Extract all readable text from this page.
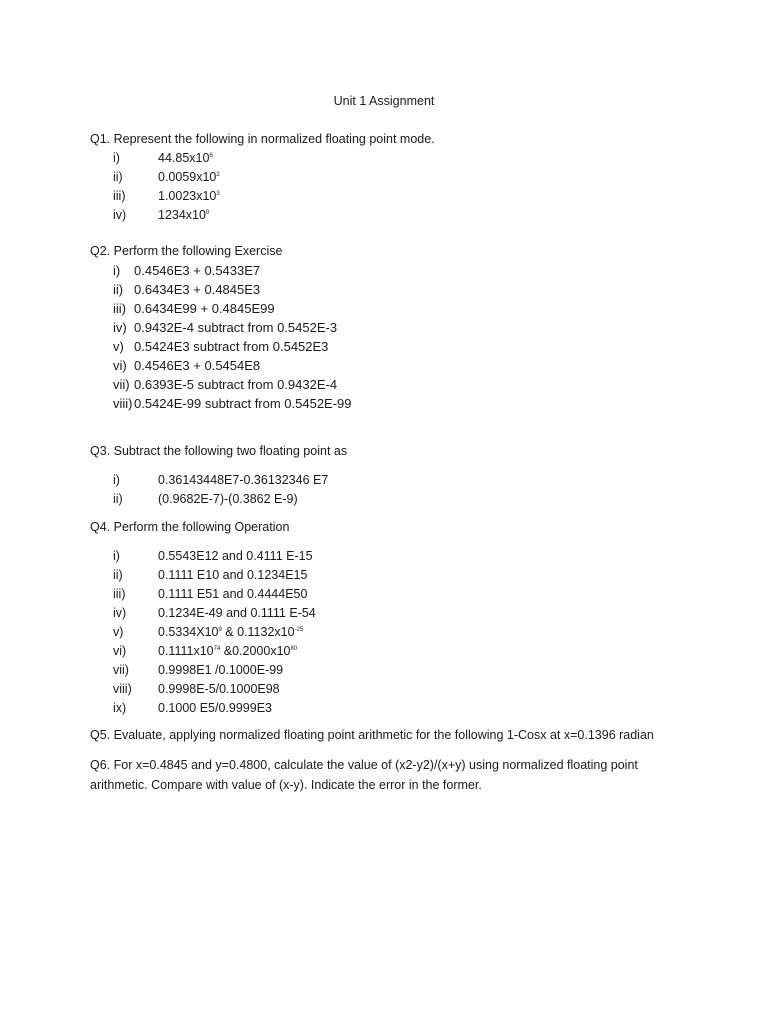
Unit 1 Assignment
Q1. Represent the following in normalized floating point mode.
i)	$44.85x10^6$
ii)	$0.0059x10^2$
iii)	$1.0023x10^3$
iv)	$1234x10^0$
Q2. Perform the following Exercise
i) 0.4546E3 + 0.5433E7
ii) 0.6434E3 + 0.4845E3
iii) 0.6434E99 + 0.4845E99
iv) 0.9432E-4 subtract from 0.5452E-3
v) 0.5424E3 subtract from 0.5452E3
vi) 0.4546E3 + 0.5454E8
vii) 0.6393E-5 subtract from 0.9432E-4
viii) 0.5424E-99 subtract from 0.5452E-99
Q3. Subtract the following two floating point as
i)	0.36143448E7-0.36132346 E7
ii)	(0.9682E-7)-(0.3862 E-9)
Q4. Perform the following Operation
i)	0.5543E12 and 0.4111 E-15
ii)	0.1111 E10 and 0.1234E15
iii)	0.1111 E51 and 0.4444E50
iv)	0.1234E-49 and 0.1111 E-54
v)	$0.5334X10^9$ & $0.1132x10^{-25}$
vi)	$0.1111x10^{74}$ $\&0.2000x10^{80}$
vii) 0.9998E1 /0.1000E-99
viii) 0.9998E-5/0.1000E98
ix)	0.1000 E5/0.9999E3
Q5. Evaluate, applying normalized floating point arithmetic for the following 1-Cosx at x=0.1396 radian
Q6. For x=0.4845 and y=0.4800, calculate the value of (x2-y2)/(x+y) using normalized floating point
arithmetic. Compare with value of (x-y). Indicate the error in the former.
